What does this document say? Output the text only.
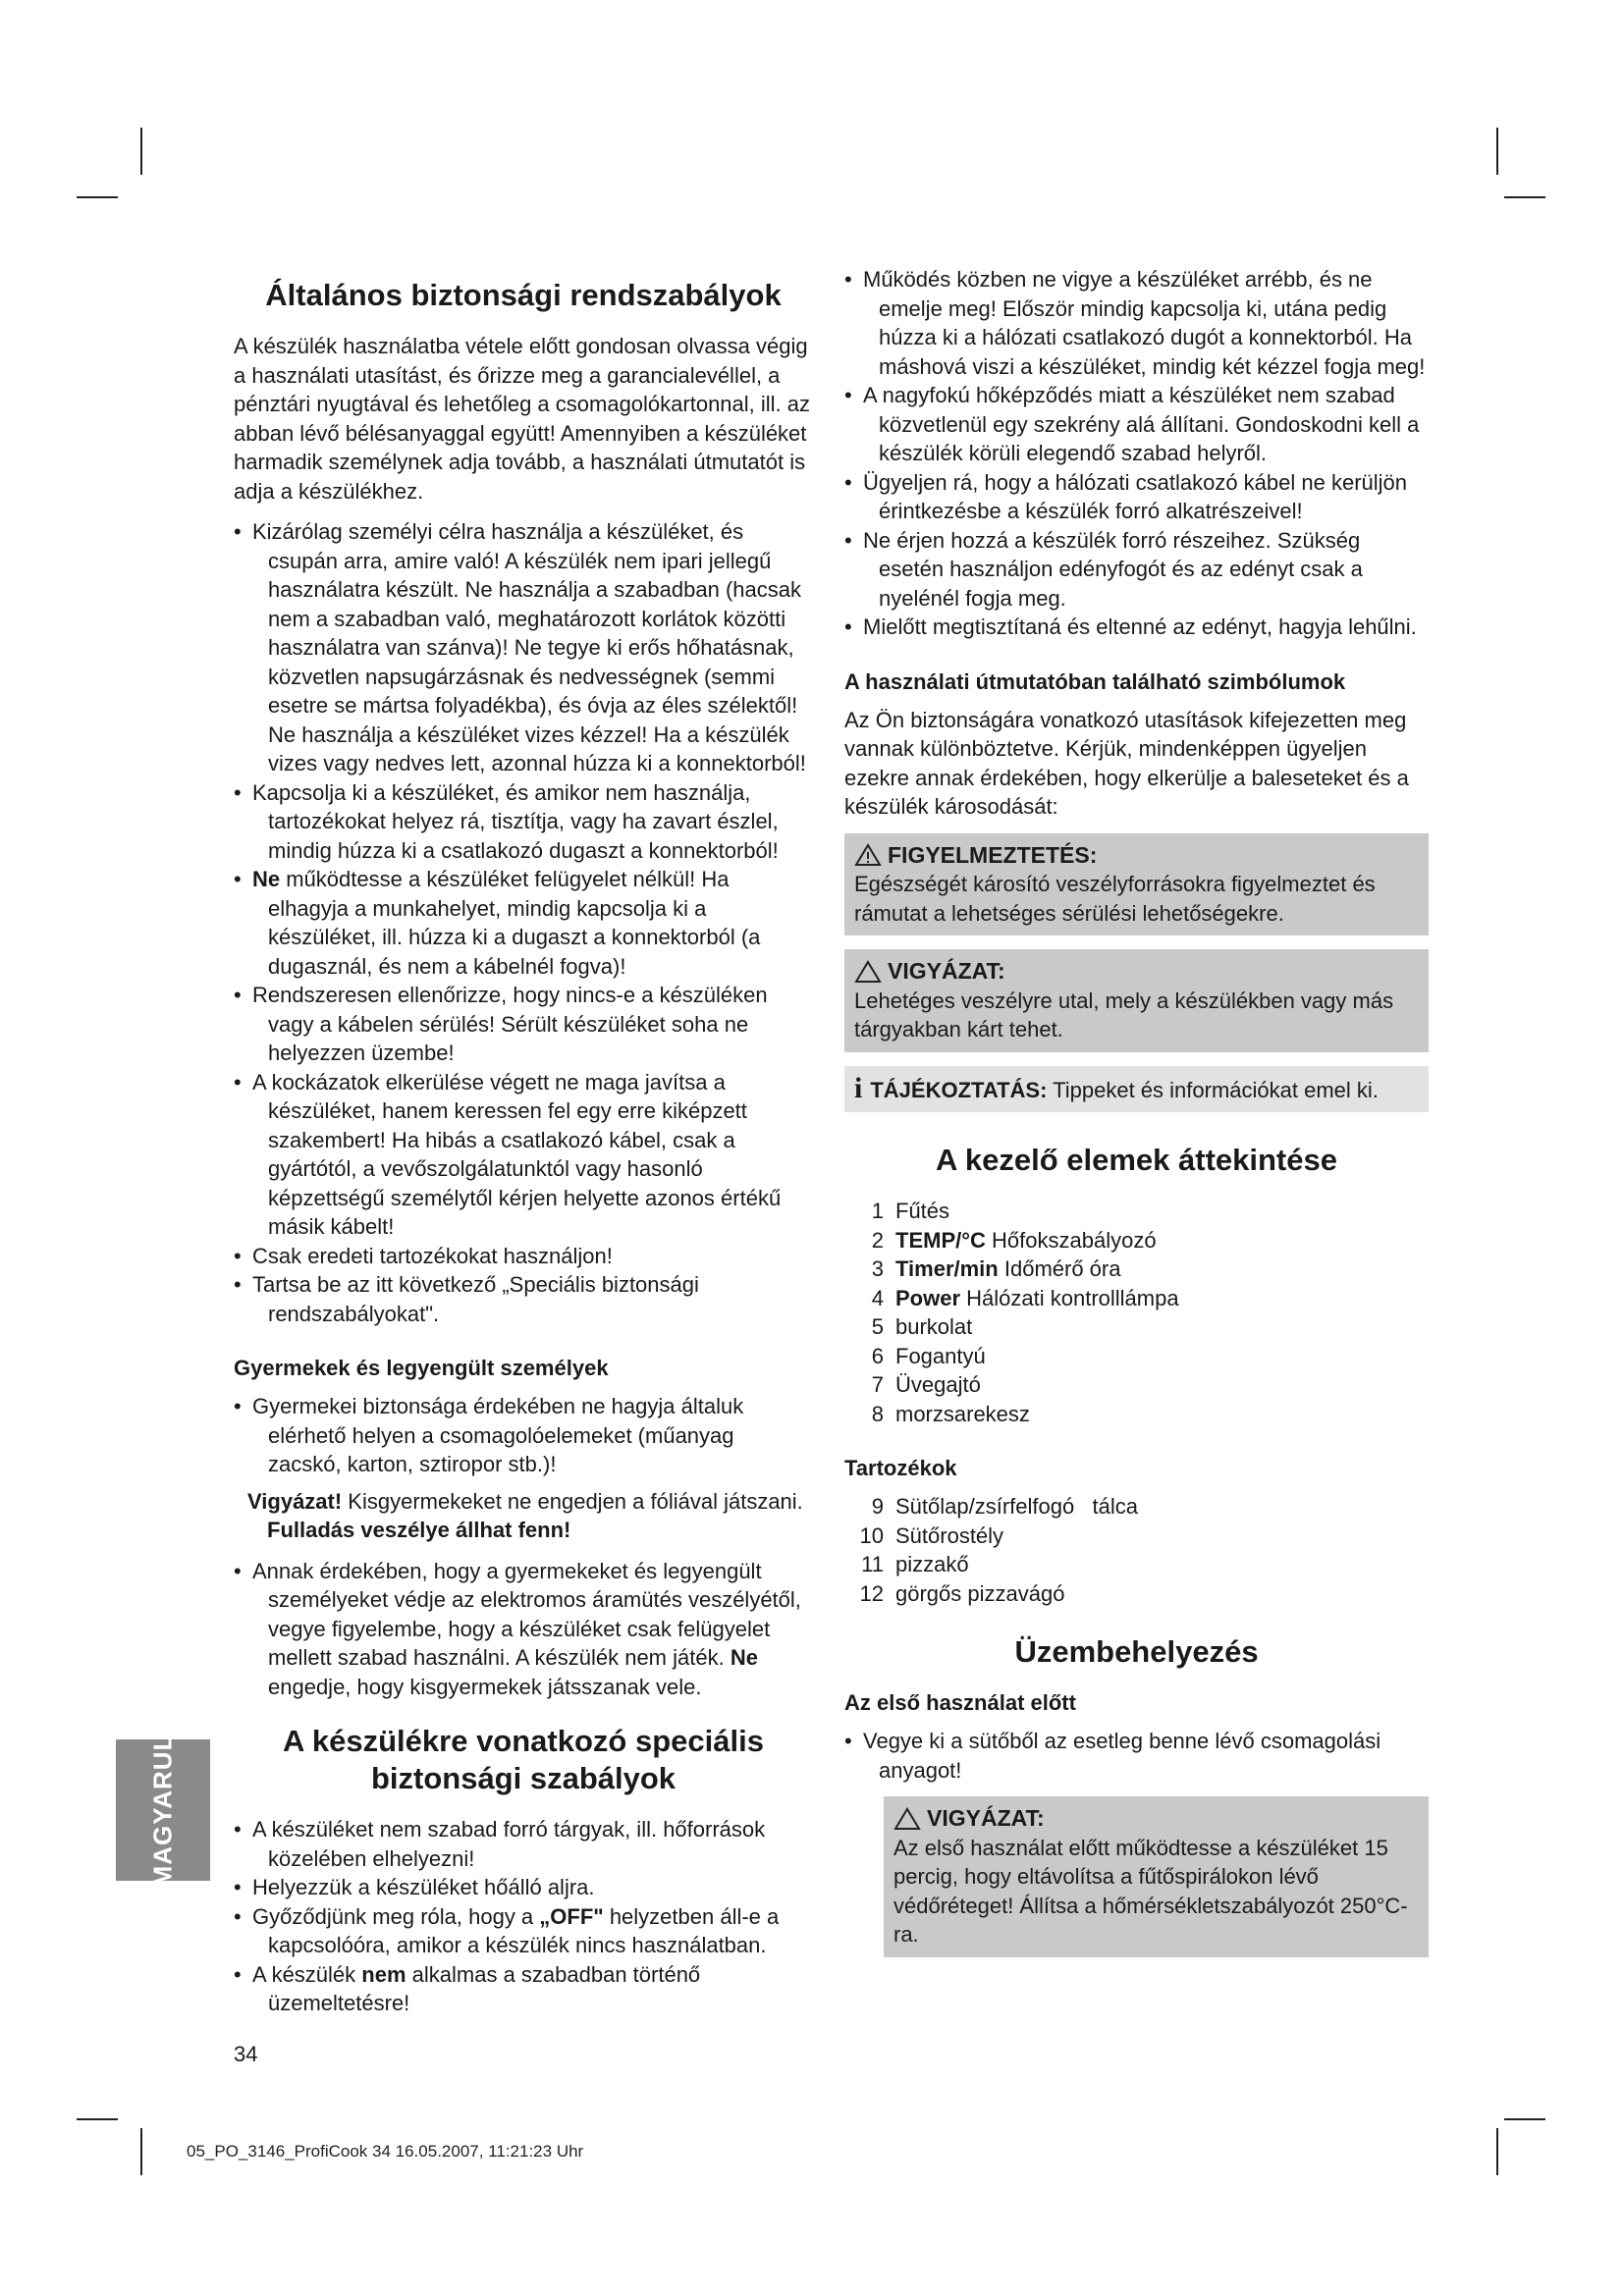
Általános biztonsági rendszabályok

A készülék használatba vétele előtt gondosan olvassa végig a használati utasítást, és őrizze meg a garancialevéllel, a pénztári nyugtával és lehetőleg a csomagolókartonnal, ill. az abban lévő bélésanyaggal együtt! Amennyiben a készüléket harmadik személynek adja tovább, a használati útmutatót is adja a készülékhez.

• Kizárólag személyi célra használja a készüléket, és csupán arra, amire való! A készülék nem ipari jellegű használatra készült. Ne használja a szabadban (hacsak nem a szabadban való, meghatározott korlátok közötti használatra van szánva)! Ne tegye ki erős hőhatásnak, közvetlen napsugárzásnak és nedvességnek (semmi esetre se mártsa folyadékba), és óvja az éles szélektől! Ne használja a készüléket vizes kézzel! Ha a készülék vizes vagy nedves lett, azonnal húzza ki a konnektorból!
• Kapcsolja ki a készüléket, és amikor nem használja, tartozékokat helyez rá, tisztítja, vagy ha zavart észlel, mindig húzza ki a csatlakozó dugaszt a konnektorból!
• Ne működtesse a készüléket felügyelet nélkül! Ha elhagyja a munkahelyet, mindig kapcsolja ki a készüléket, ill. húzza ki a dugaszt a konnektorból (a dugasznál, és nem a kábelnél fogva)!
• Rendszeresen ellenőrizze, hogy nincs-e a készüléken vagy a kábelen sérülés! Sérült készüléket soha ne helyezzen üzembe!
• A kockázatok elkerülése végett ne maga javítsa a készüléket, hanem keressen fel egy erre kiképzett szakembert! Ha hibás a csatlakozó kábel, csak a gyártótól, a vevőszolgálatunktól vagy hasonló képzettségű személytől kérjen helyette azonos értékű másik kábelt!
• Csak eredeti tartozékokat használjon!
• Tartsa be az itt következő „Speciális biztonsági rendszabályokat".
Gyermekek és legyengült személyek
• Gyermekei biztonsága érdekében ne hagyja általuk elérhető helyen a csomagolóelemeket (műanyag zacskó, karton, sztiropor stb.)!

Vigyázat! Kisgyermekeket ne engedjen a fóliával játszani.
Fulladás veszélye állhat fenn!

• Annak érdekében, hogy a gyermekeket és legyengült személyeket védje az elektromos áramütés veszélyétől, vegye figyelembe, hogy a készüléket csak felügyelet mellett szabad használni. A készülék nem játék. Ne engedje, hogy kisgyermekek játsszanak vele.
A készülékre vonatkozó speciális biztonsági szabályok
• A készüléket nem szabad forró tárgyak, ill. hőforrások közelében elhelyezni!
• Helyezzük a készüléket hőálló aljra.
• Győződjünk meg róla, hogy a „OFF" helyzetben áll-e a kapcsolóóra, amikor a készülék nincs használatban.
• A készülék nem alkalmas a szabadban történő üzemeltetésre!
• Működés közben ne vigye a készüléket arrébb, és ne emelje meg! Először mindig kapcsolja ki, utána pedig húzza ki a hálózati csatlakozó dugót a konnektorból. Ha máshová viszi a készüléket, mindig két kézzel fogja meg!
• A nagyfokú hőképződés miatt a készüléket nem szabad közvetlenül egy szekrény alá állítani. Gondoskodni kell a készülék körüli elegendő szabad helyről.
• Ügyeljen rá, hogy a hálózati csatlakozó kábel ne kerüljön érintkezésbe a készülék forró alkatrészeivel!
• Ne érjen hozzá a készülék forró részeihez. Szükség esetén használjon edényfogót és az edényt csak a nyelénél fogja meg.
• Mielőtt megtisztítaná és eltenné az edényt, hagyja lehűlni.
A használati útmutatóban található szimbólumok

Az Ön biztonságára vonatkozó utasítások kifejezetten meg vannak különböztetve. Kérjük, mindenképpen ügyeljen ezekre annak érdekében, hogy elkerülje a baleseteket és a készülék károsodását:

FIGYELMEZTETÉS:
Egészségét károsító veszélyforrásokra figyelmeztet és rámutat a lehetséges sérülési lehetőségekre.
VIGYÁZAT:
Lehetéges veszélyre utal, mely a készülékben vagy más tárgyakban kárt tehet.
i TÁJÉKOZTATÁS: Tippeket és információkat emel ki.
A kezelő elemek áttekintése
1 Fűtés
2 TEMP/°C Hőfokszabályozó
3 Timer/min Időmérő óra
4 Power Hálózati kontrolllámpa
5 burkolat
6 Fogantyú
7 Üvegajtó
8 morzsarekesz
Tartozékok
9 Sütőlap/zsírfelfogó   tálca
10 Sütőrostély
11 pizzakő
12 görgős pizzavágó
Üzembehelyezés
Az első használat előtt
• Vegye ki a sütőből az esetleg benne lévő csomagolási anyagot!
VIGYÁZAT:
Az első használat előtt működtesse a készüléket 15 percig, hogy eltávolítsa a fűtőspirálokon lévő védőréteget! Állítsa a hőmérsékletszabályozót 250°C-ra.
MAGYARUL
34
05_PO_3146_ProfiCook 34 16.05.2007, 11:21:23 Uhr
